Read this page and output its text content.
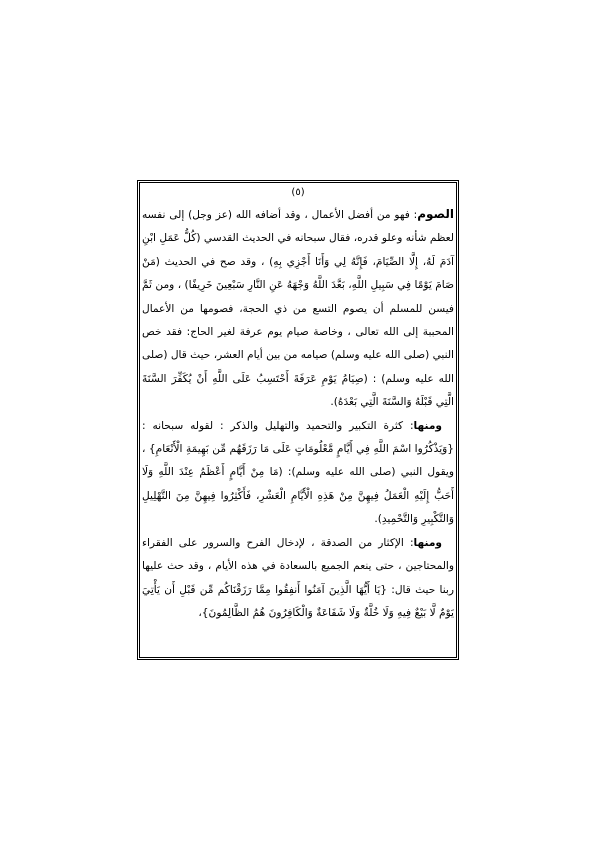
(٥)

الصوم: فهو من أفضل الأعمال ، وقد أضافه الله (عز وجل) إلى نفسه لعظم شأنه وعلو قدره، فقال سبحانه في الحديث القدسي (كُلُّ عَمَلِ ابْنِ آدَمَ لَهُ، إِلَّا الصِّيَامَ، فَإِنَّهُ لِي وَأَنَا أَجْزِي بِهِ) ، وقد صح في الحديث (مَنْ صَامَ يَوْمًا فِي سَبِيلِ اللَّهِ، بَعَّدَ اللَّهُ وَجْهَهُ عَنِ النَّارِ سَبْعِينَ خَرِيفًا) ، ومن ثَمَّ فيسن للمسلم أن يصوم التسع من ذي الحجة، فصومها من الأعمال المحببة إلى الله تعالى ، وخاصة صيام يوم عرفة لغير الحاج: فقد خص النبي (صلى الله عليه وسلم) صيامه من بين أيام العشر، حيث قال (صلى الله عليه وسلم) : (صِيَامُ يَوْمِ عَرَفَةَ أَحْتَسِبُ عَلَى اللَّهِ أَنْ يُكَفِّرَ السَّنَةَ الَّتِي قَبْلَهُ وَالسَّنَةَ الَّتِي بَعْدَهُ).

ومنها: كثرة التكبير والتحميد والتهليل والذكر : لقوله سبحانه : {وَيَذْكُرُوا اسْمَ اللَّهِ فِي أَيَّامٍ مَّعْلُومَاتٍ عَلَى مَا رَزَقَهُم مِّن بَهِيمَةِ الْأَنْعَامِ} ، ويقول النبي (صلى الله عليه وسلم): (مَا مِنْ أَيَّامٍ أَعْظَمُ عِنْدَ اللَّهِ وَلَا أَحَبُّ إِلَيْهِ الْعَمَلُ فِيهِنَّ مِنْ هَذِهِ الْأَيَّامِ الْعَشْرِ، فَأَكْثِرُوا فِيهِنَّ مِنَ التَّهْلِيلِ وَالتَّكْبِيرِ وَالتَّحْمِيدِ).

ومنها: الإكثار من الصدقة ، لإدخال الفرح والسرور على الفقراء والمحتاجين ، حتى ينعم الجميع بالسعادة في هذه الأيام ، وقد حث عليها ربنا حيث قال: {يَا أَيُّهَا الَّذِينَ آمَنُوا أَنفِقُوا مِمَّا رَزَقْنَاكُم مِّن قَبْلِ أَن يَأْتِيَ يَوْمٌ لَّا بَيْعٌ فِيهِ وَلَا خُلَّةٌ وَلَا شَفَاعَةٌ وَالْكَافِرُونَ هُمُ الظَّالِمُونَ}،
